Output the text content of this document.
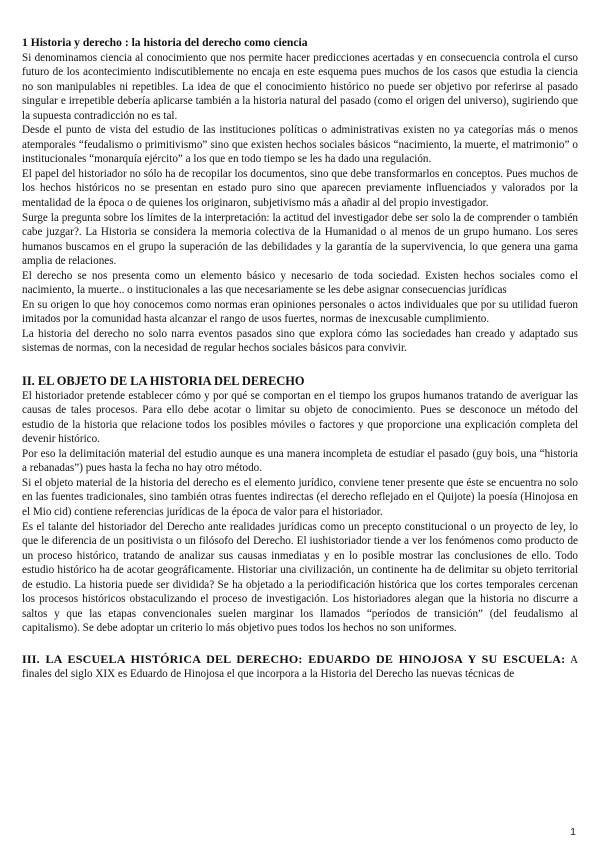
1 Historia y derecho : la historia del derecho como ciencia

Si denominamos ciencia al conocimiento que nos permite hacer predicciones acertadas y en consecuencia controla el curso futuro de los acontecimiento indiscutiblemente no encaja en este esquema pues muchos de los casos que estudia la ciencia no son manipulables ni repetibles. La idea de que el conocimiento histórico no puede ser objetivo por referirse al pasado singular e irrepetible debería aplicarse también a la historia natural del pasado (como el origen del universo), sugiriendo que la supuesta contradicción no es tal.

Desde el punto de vista del estudio de las instituciones políticas o administrativas existen no ya categorías más o menos atemporales “feudalismo o primitivismo” sino que existen hechos sociales básicos “nacimiento, la muerte, el matrimonio” o institucionales “monarquía ejército” a los que en todo tiempo se les ha dado una regulación.

El papel del historiador no sólo ha de recopilar los documentos, sino que debe transformarlos en conceptos. Pues muchos de los hechos históricos no se presentan en estado puro sino que aparecen previamente influenciados y valorados por la mentalidad de la época o de quienes los originaron, subjetivismo más a añadir al del propio investigador.

Surge la pregunta sobre los límites de la interpretación: la actitud del investigador debe ser solo la de comprender o también cabe juzgar?. La Historia se considera la memoria colectiva de la Humanidad o al menos de un grupo humano. Los seres humanos buscamos en el grupo la superación de las debilidades y la garantía de la supervivencia, lo que genera una gama amplia de relaciones.

El derecho se nos presenta como un elemento básico y necesario de toda sociedad. Existen hechos sociales como el nacimiento, la muerte.. o institucionales a las que necesariamente se les debe asignar consecuencias jurídicas

En su origen lo que hoy conocemos como normas eran opiniones personales o actos individuales que por su utilidad fueron imitados por la comunidad hasta alcanzar el rango de usos fuertes, normas de inexcusable cumplimiento.

La historia del derecho no solo narra eventos pasados sino que explora cómo las sociedades han creado y adaptado sus sistemas de normas, con la necesidad de regular hechos sociales básicos para convivir.

II. EL OBJETO DE LA HISTORIA DEL DERECHO

El historiador pretende establecer cómo y por qué se comportan en el tiempo los grupos humanos tratando de averiguar las causas de tales procesos. Para ello debe acotar o limitar su objeto de conocimiento. Pues se desconoce un método del estudio de la historia que relacione todos los posibles móviles o factores y que proporcione una explicación completa del devenir histórico.

Por eso la delimitación material del estudio aunque es una manera incompleta de estudiar el pasado (guy bois, una “historia a rebanadas”) pues hasta la fecha no hay otro método.

Si el objeto material de la historia del derecho es el elemento jurídico, conviene tener presente que éste se encuentra no solo en las fuentes tradicionales, sino también otras fuentes indirectas (el derecho reflejado en el Quijote) la poesía (Hinojosa en el Mio cid) contiene referencias jurídicas de la época de valor para el historiador.

Es el talante del historiador del Derecho ante realidades jurídicas como un precepto constitucional o un proyecto de ley, lo que le diferencia de un positivista o un filósofo del Derecho. El iushistoriador tiende a ver los fenómenos como producto de un proceso histórico, tratando de analizar sus causas inmediatas y en lo posible mostrar las conclusiones de ello. Todo estudio histórico ha de acotar geográficamente. Historiar una civilización, un continente ha de delimitar su objeto territorial de estudio. La historia puede ser dividida? Se ha objetado a la periodificación histórica que los cortes temporales cercenan los procesos históricos obstaculizando el proceso de investigación. Los historiadores alegan que la historia no discurre a saltos y que las etapas convencionales suelen marginar los llamados “períodos de transición” (del feudalismo al capitalismo). Se debe adoptar un criterio lo más objetivo pues todos los hechos no son uniformes.

III. LA ESCUELA HISTÓRICA DEL DERECHO: EDUARDO DE HINOJOSA Y SU ESCUELA: A finales del siglo XIX es Eduardo de Hinojosa el que incorpora a la Historia del Derecho las nuevas técnicas de

1
